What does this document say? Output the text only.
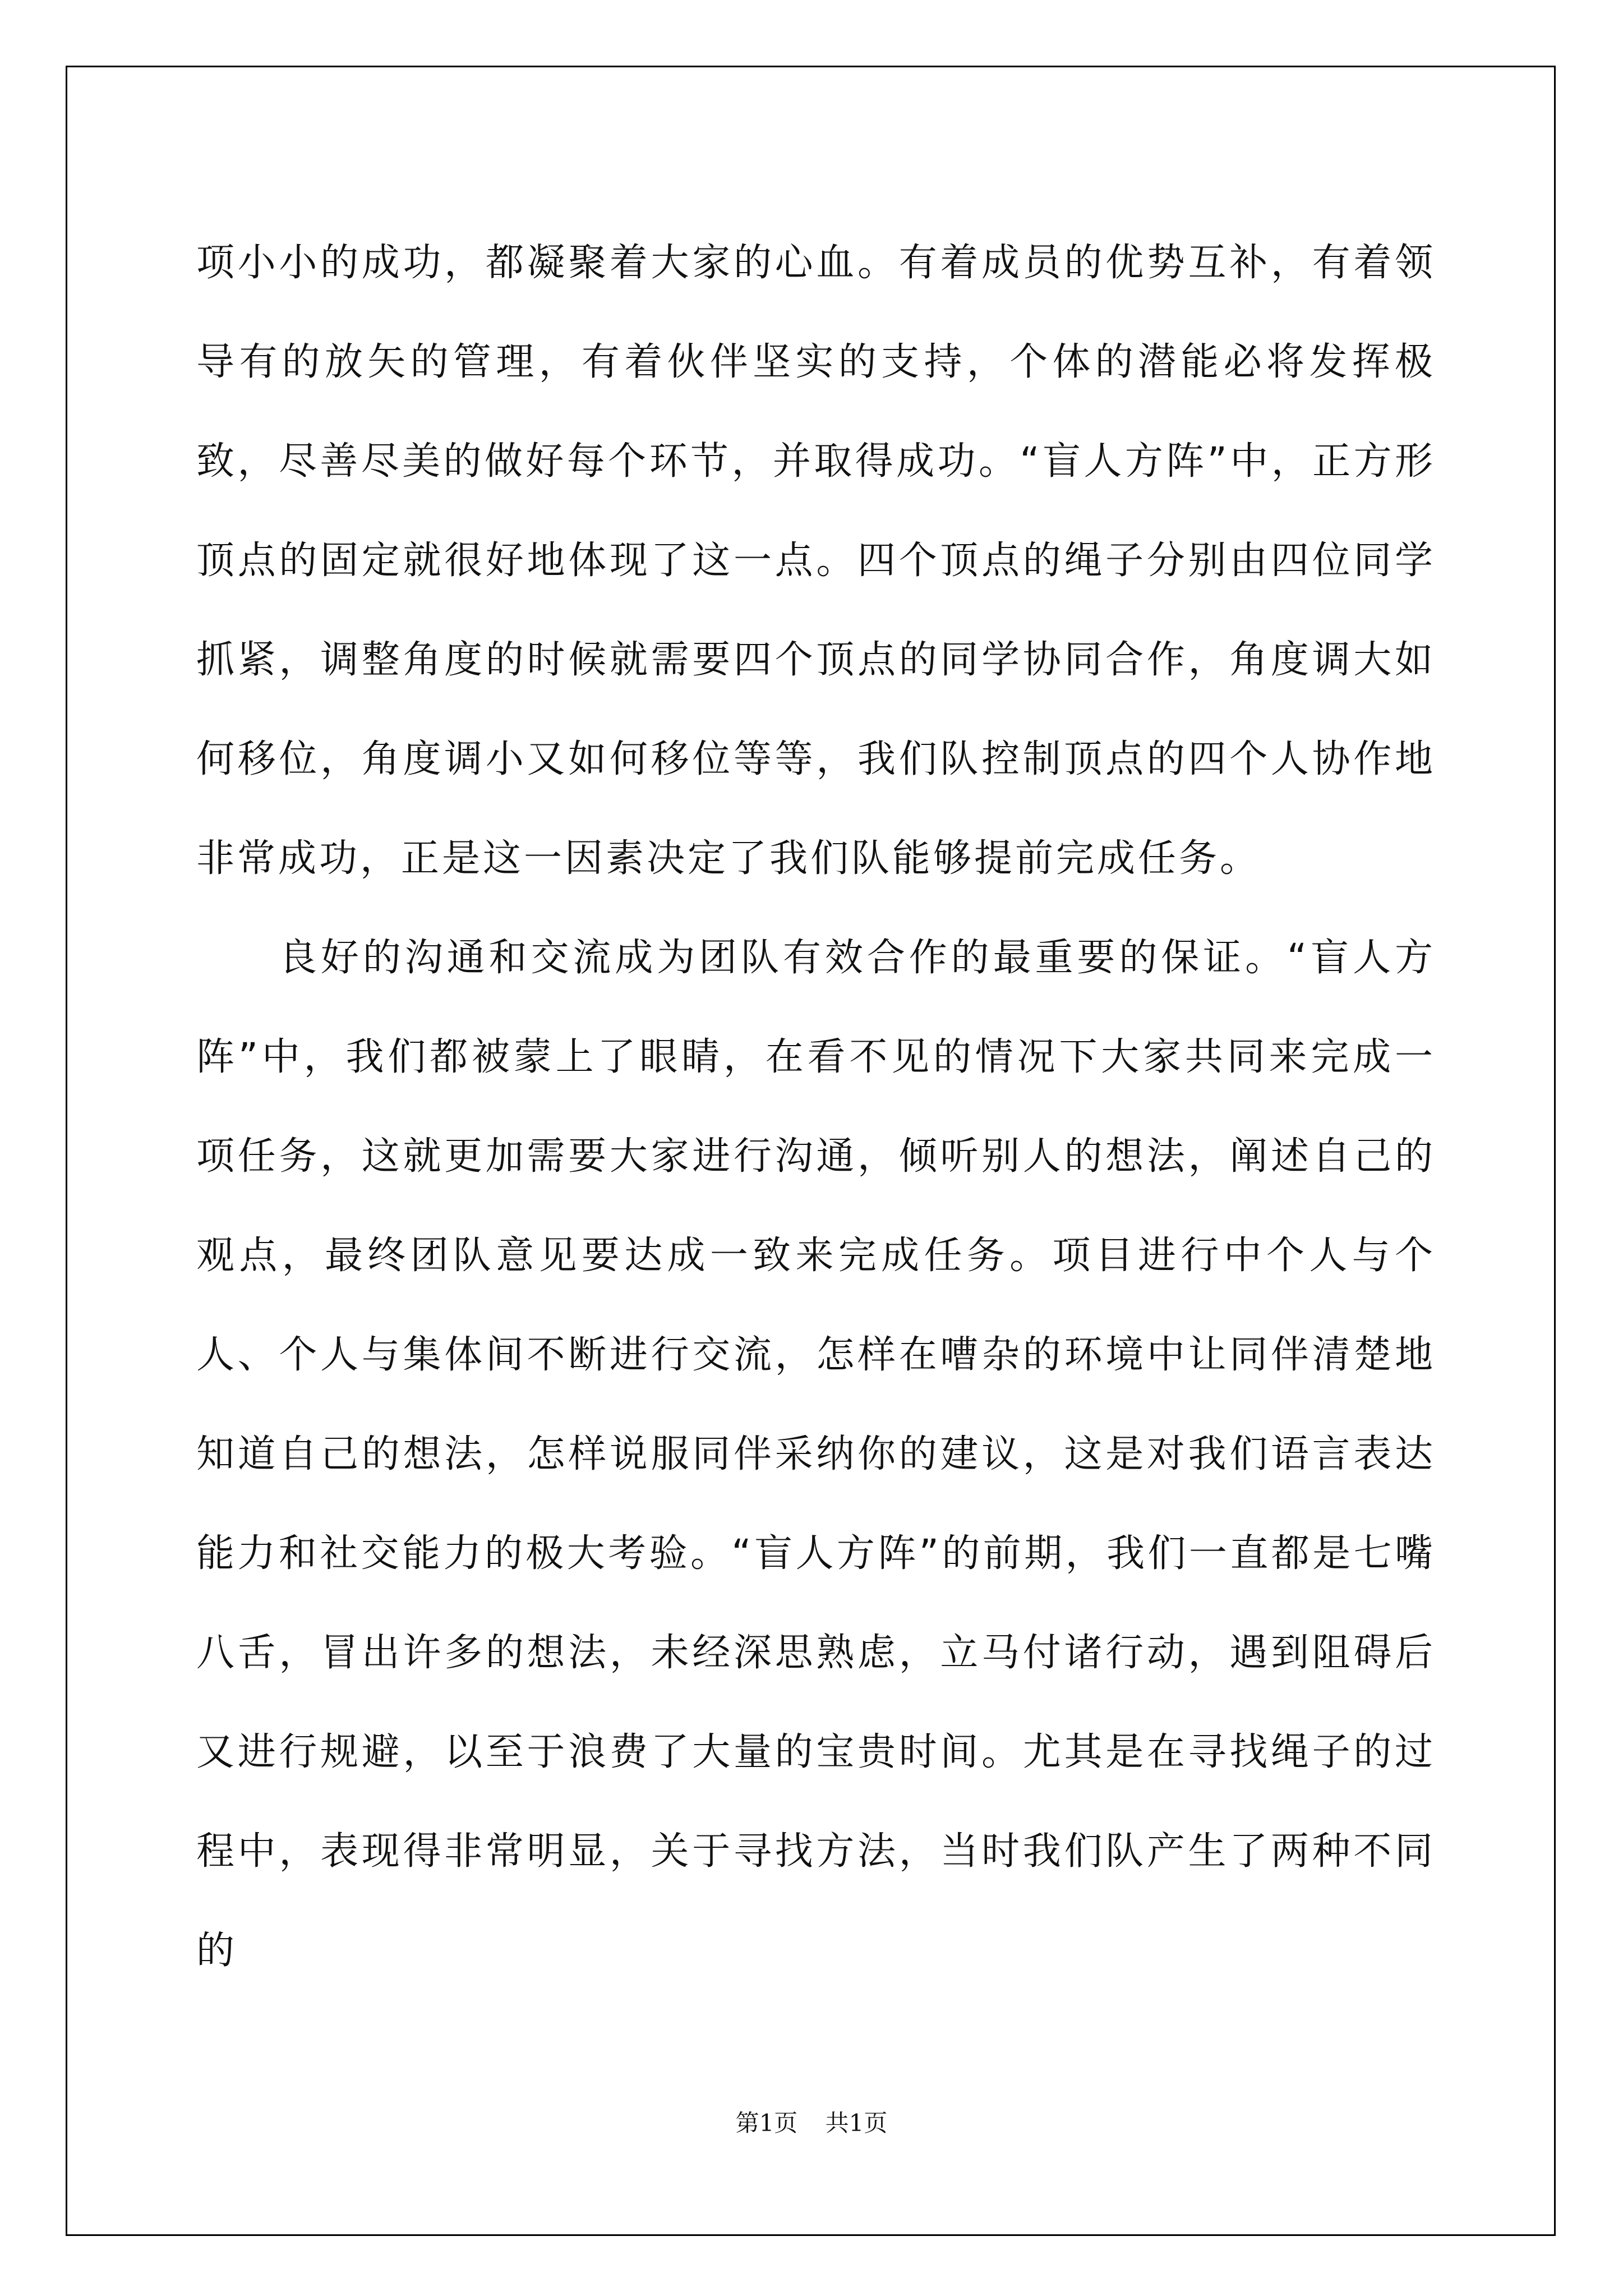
项小小的成功，都凝聚着大家的心血。有着成员的优势互补，有着领导有的放矢的管理，有着伙伴坚实的支持，个体的潜能必将发挥极致，尽善尽美的做好每个环节，并取得成功。“盲人方阵”中，正方形顶点的固定就很好地体现了这一点。四个顶点的绳子分别由四位同学抓紧，调整角度的时候就需要四个顶点的同学协同合作，角度调大如何移位，角度调小又如何移位等等，我们队控制顶点的四个人协作地非常成功，正是这一因素决定了我们队能够提前完成任务。

良好的沟通和交流成为团队有效合作的最重要的保证。“盲人方阵”中，我们都被蒙上了眼睛，在看不见的情况下大家共同来完成一项任务，这就更加需要大家进行沟通，倾听别人的想法，阐述自己的观点，最终团队意见要达成一致来完成任务。项目进行中个人与个人、个人与集体间不断进行交流，怎样在嘈杂的环境中让同伴清楚地知道自己的想法，怎样说服同伴采纳你的建议，这是对我们语言表达能力和社交能力的极大考验。“盲人方阵”的前期，我们一直都是七嘴八舌，冒出许多的想法，未经深思熟虑，立马付诸行动，遇到阻碍后又进行规避，以至于浪费了大量的宝贵时间。尤其是在寻找绳子的过程中，表现得非常明显，关于寻找方法，当时我们队产生了两种不同的

第1页 共1页
